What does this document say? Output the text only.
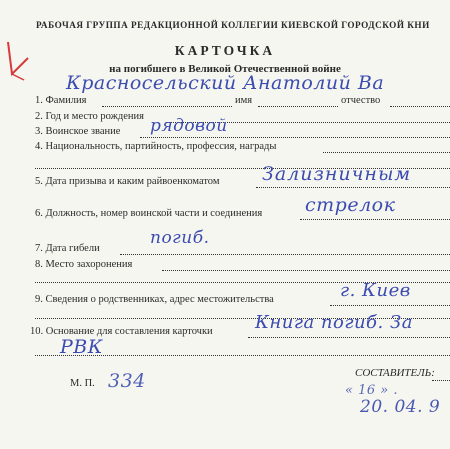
РАБОЧАЯ ГРУППА РЕДАКЦИОННОЙ КОЛЛЕГИИ КИЕВСКОЙ ГОРОДСКОЙ КНИ
КАРТОЧКА
на погибшего в Великой Отечественной войне
1. Фамилия	имя	отчество
Красносельский Анатолий Ва
2. Год и место рождения
3. Воинское звание рядовой
4. Национальность, партийность, профессия, награды
5. Дата призыва и каким райвоенкоматом Зализничным
6. Должность, номер воинской части и соединения стрелок
7. Дата гибели
погиб.
8. Место захоронения
9. Сведения о родственниках, адрес местожительства	г. Киев
10. Основание для составления карточки Книга погиб. За
РВК
М. П. 334	СОСТАВИТЕЛЬ:
« 16 » .
20. 04. 9
